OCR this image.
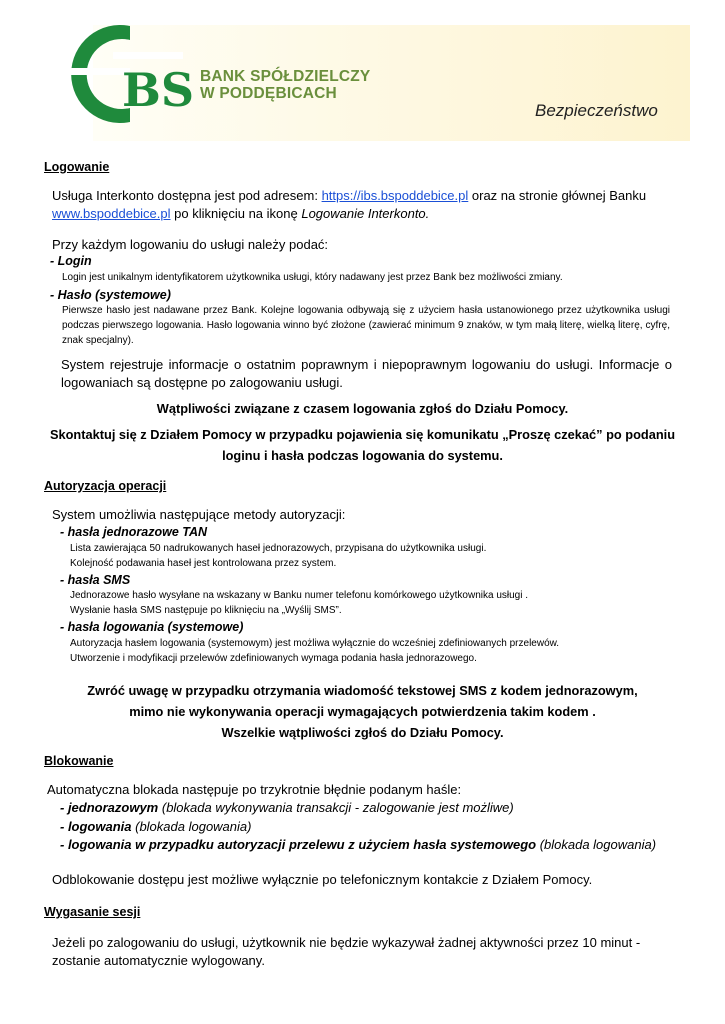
BS BANK SPÓŁDZIELCZY
W PODDĘBICACH
Bezpieczeństwo
Logowanie
Usługa Interkonto dostępna jest pod adresem: https://ibs.bspoddebice.pl oraz na stronie głównej Banku
www.bspoddebice.pl po kliknięciu na ikonę Logowanie Interkonto.
Przy każdym logowaniu do usługi należy podać:
- Login
Login jest unikalnym identyfikatorem użytkownika usługi, który nadawany jest przez Bank bez możliwości zmiany.
- Hasło (systemowe)
Pierwsze hasło jest nadawane przez Bank. Kolejne logowania odbywają się z użyciem hasła ustanowionego przez użytkownika usługi podczas pierwszego logowania. Hasło logowania winno być złożone (zawierać minimum 9 znaków, w tym małą literę, wielką literę, cyfrę, znak specjalny).
System rejestruje informacje o ostatnim poprawnym i niepoprawnym logowaniu do usługi. Informacje o logowaniach są dostępne po zalogowaniu usługi.
Wątpliwości związane z czasem logowania zgłoś do Działu Pomocy.
Skontaktuj się z Działem Pomocy w przypadku pojawienia się komunikatu „Proszę czekać” po podaniu
loginu i hasła podczas logowania do systemu.
Autoryzacja operacji
System umożliwia następujące metody autoryzacji:
- hasła jednorazowe TAN
Lista zawierająca 50 nadrukowanych haseł jednorazowych, przypisana do użytkownika usługi.
Kolejność podawania haseł jest kontrolowana przez system.
- hasła SMS
Jednorazowe hasło wysyłane na wskazany w Banku numer telefonu komórkowego użytkownika usługi .
Wysłanie hasła SMS następuje po kliknięciu na „Wyślij SMS”.
- hasła logowania (systemowe)
Autoryzacja hasłem logowania (systemowym) jest możliwa wyłącznie do wcześniej zdefiniowanych przelewów.
Utworzenie i modyfikacji przelewów zdefiniowanych wymaga podania hasła jednorazowego.
Zwróć uwagę w przypadku otrzymania wiadomość tekstowej SMS z kodem jednorazowym,
mimo nie wykonywania operacji wymagających potwierdzenia takim kodem .
Wszelkie wątpliwości zgłoś do Działu Pomocy.
Blokowanie
Automatyczna blokada następuje po trzykrotnie błędnie podanym haśle:
- jednorazowym (blokada wykonywania transakcji - zalogowanie jest możliwe)
- logowania (blokada logowania)
- logowania w przypadku autoryzacji przelewu z użyciem hasła systemowego (blokada logowania)
Odblokowanie dostępu jest możliwe wyłącznie po telefonicznym kontakcie z Działem Pomocy.
Wygasanie sesji
Jeżeli po zalogowaniu do usługi, użytkownik nie będzie wykazywał żadnej aktywności przez 10 minut -
zostanie automatycznie wylogowany.
